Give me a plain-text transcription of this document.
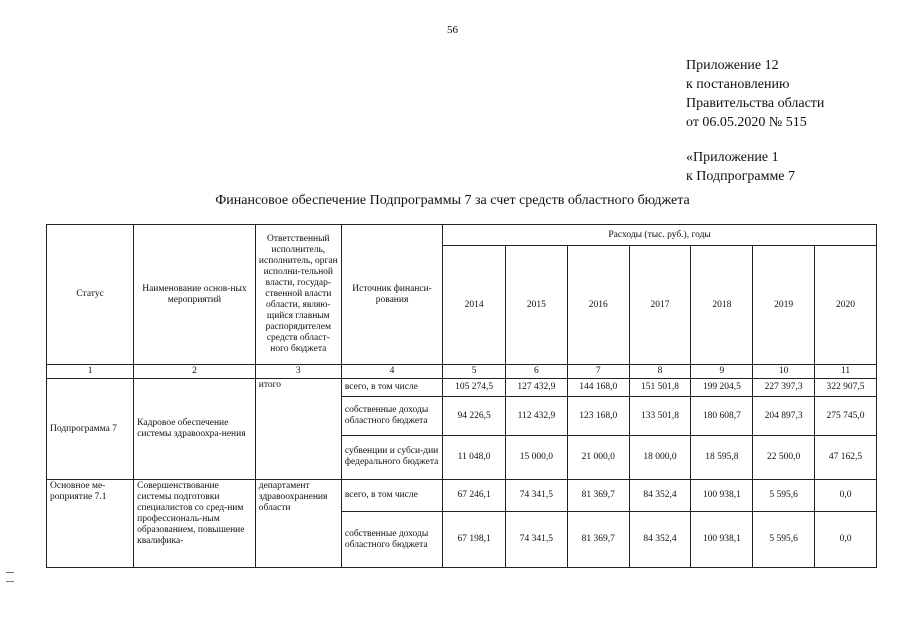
56
Приложение 12
к постановлению
Правительства области
от 06.05.2020 № 515
«Приложение 1
к Подпрограмме 7
Финансовое обеспечение Подпрограммы 7 за счет средств областного бюджета
Статус	Наименование основ-ных мероприятий	Ответственный исполнитель, исполнитель, орган исполни-тельной власти, государ-ственной власти области, являю-щийся главным распорядителем средств област-ного бюджета	Источник финанси-рования	Расходы (тыс. руб.), годы						
				2014	2015	2016	2017	2018	2019	2020
1	2	3	4	5	6	7	8	9	10	11
Подпрограмма 7	Кадровое обеспечение системы здравоохра-нения	итого	всего, в том числе	105 274,5	127 432,9	144 168,0	151 501,8	199 204,5	227 397,3	322 907,5
			собственные доходы областного бюджета	94 226,5	112 432,9	123 168,0	133 501,8	180 608,7	204 897,3	275 745,0
			субвенции и субси-дии федерального бюджета	11 048,0	15 000,0	21 000,0	18 000,0	18 595,8	22 500,0	47 162,5
Основное ме-роприятие 7.1	Совершенствование системы подготовки специалистов со сред-ним профессиональ-ным образованием, повышение квалифика-	департамент здравоохранения области	всего, в том числе	67 246,1	74 341,5	81 369,7	84 352,4	100 938,1	5 595,6	0,0
			собственные доходы областного бюджета	67 198,1	74 341,5	81 369,7	84 352,4	100 938,1	5 595,6	0,0
